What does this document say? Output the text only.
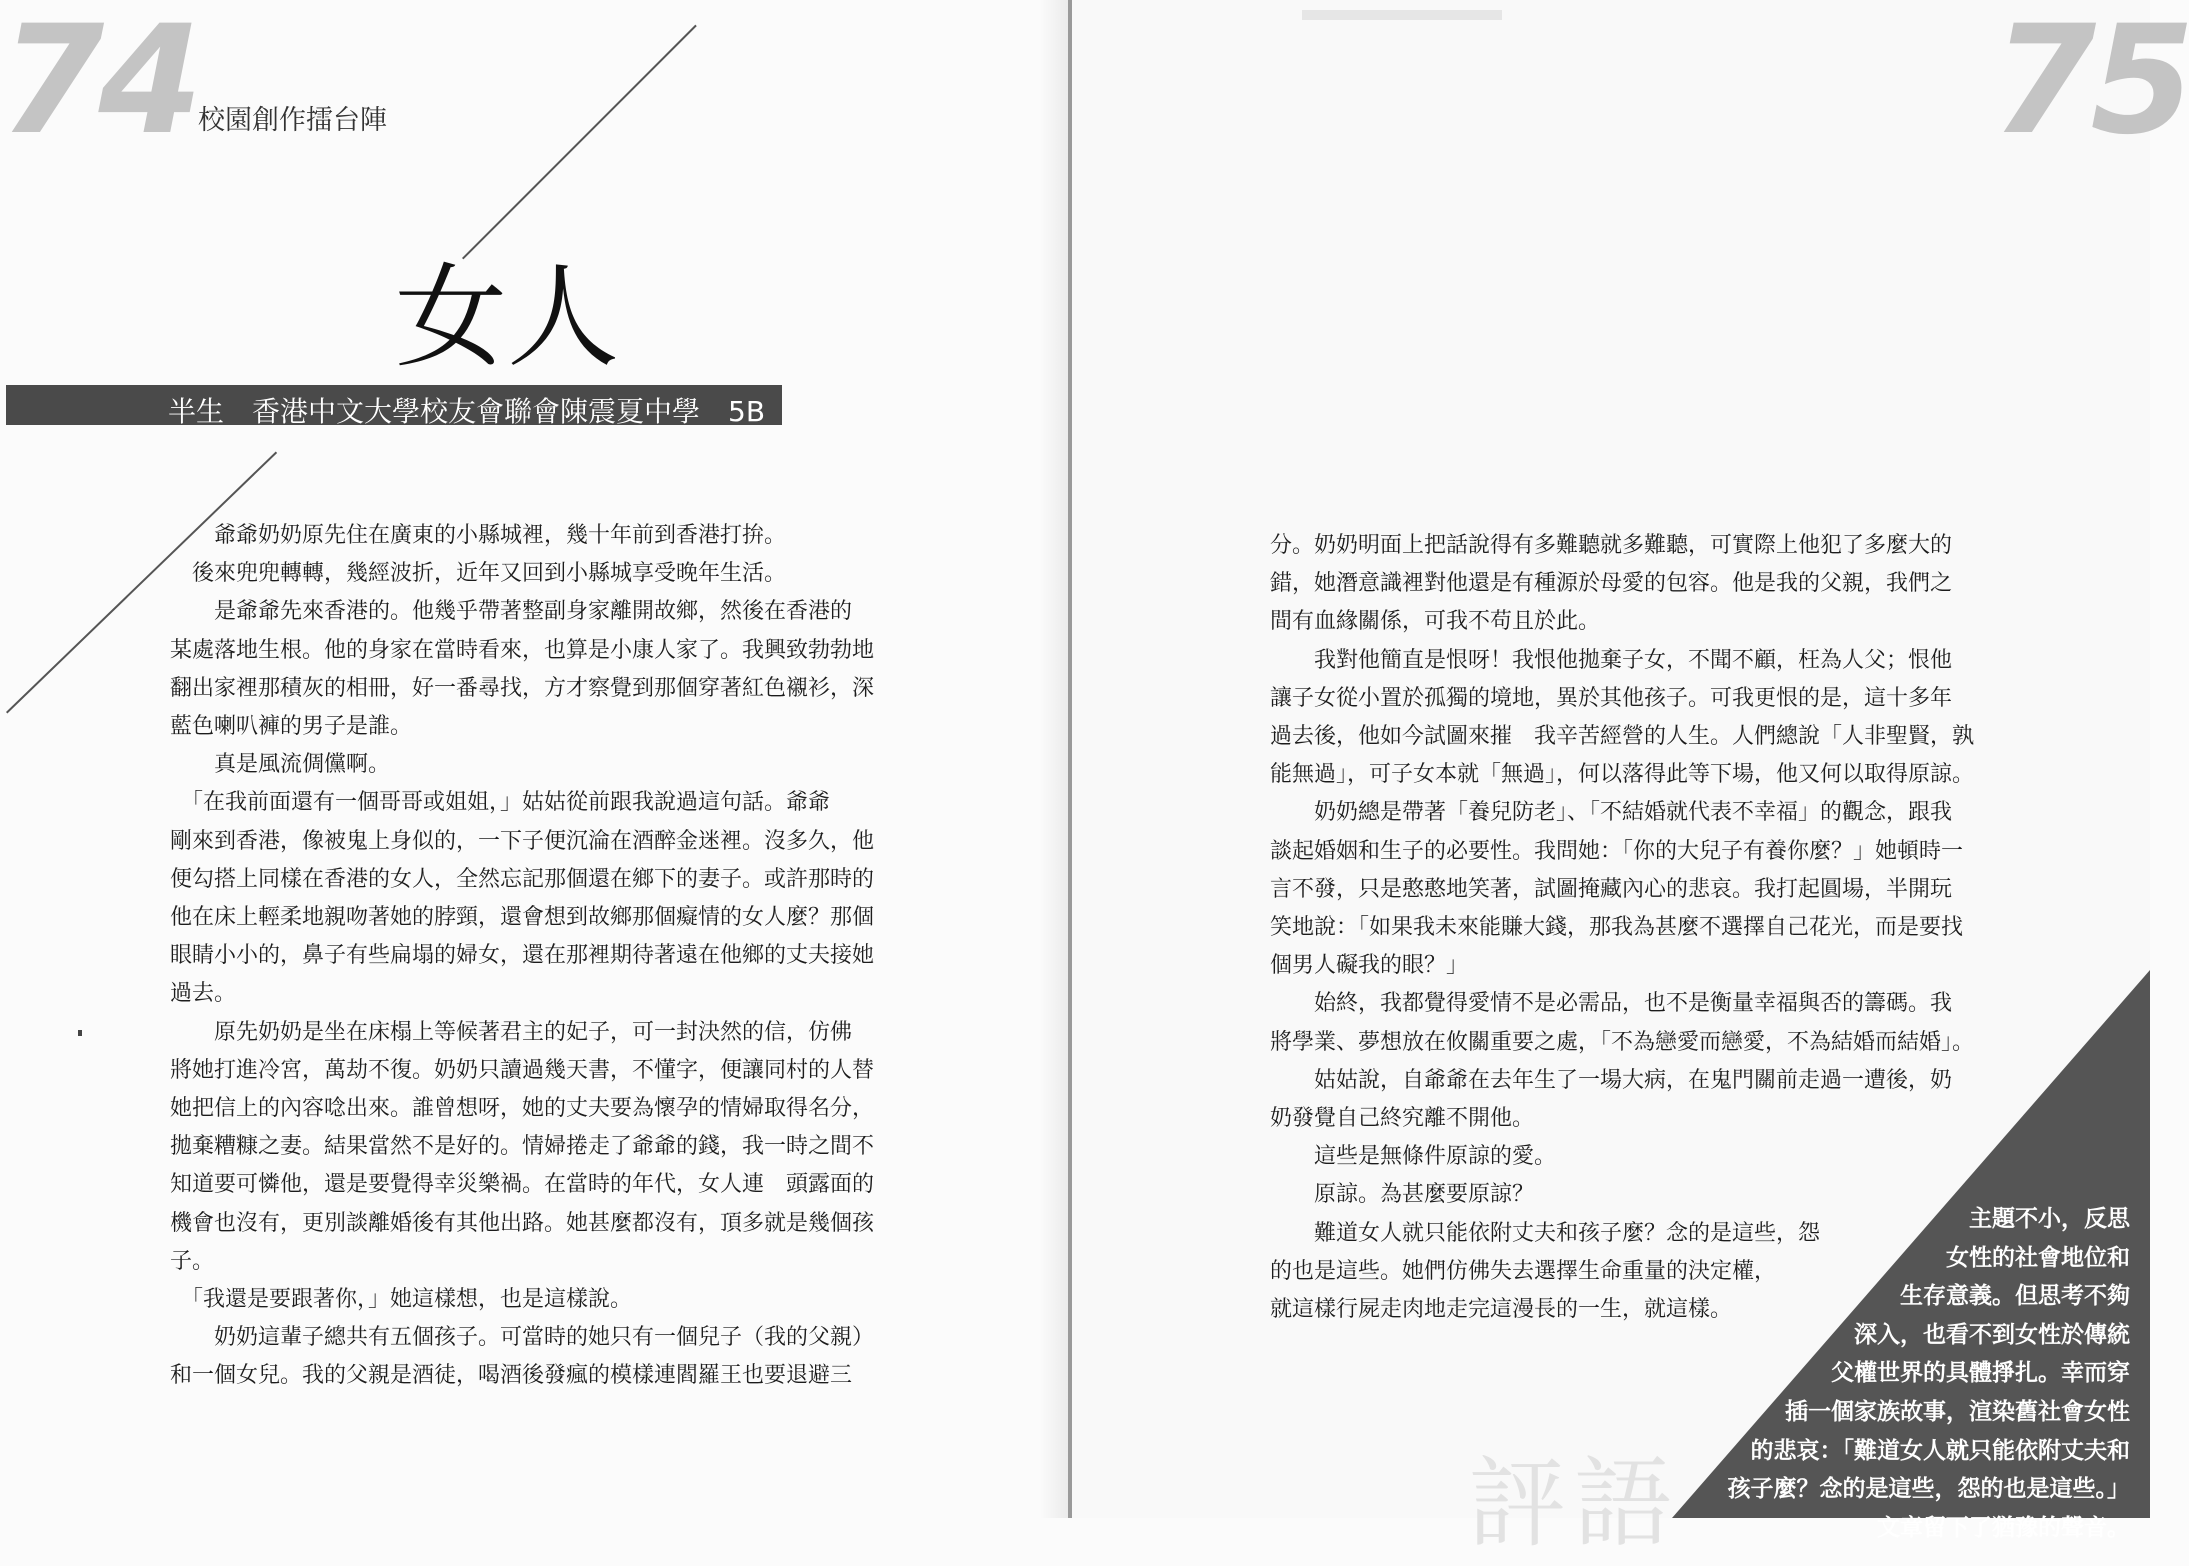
74 校園創作擂台陣
女人
半生　香港中文大學校友會聯會陳震夏中學　5B

　　爺爺奶奶原先住在廣東的小縣城裡，幾十年前到香港打拚。

　後來兜兜轉轉，幾經波折，近年又回到小縣城享受晚年生活。

　　是爺爺先來香港的。他幾乎帶著整副身家離開故鄉，然後在香港的

某處落地生根。他的身家在當時看來，也算是小康人家了。我興致勃勃地

翻出家裡那積灰的相冊，好一番尋找，方才察覺到那個穿著紅色襯衫，深

藍色喇叭褲的男子是誰。

　　真是風流倜儻啊。

　「在我前面還有一個哥哥或姐姐，」姑姑從前跟我說過這句話。爺爺

剛來到香港，像被鬼上身似的，一下子便沉淪在酒醉金迷裡。沒多久，他

便勾搭上同樣在香港的女人，全然忘記那個還在鄉下的妻子。或許那時的

他在床上輕柔地親吻著她的脖頸，還會想到故鄉那個癡情的女人麼？那個

眼睛小小的，鼻子有些扁塌的婦女，還在那裡期待著遠在他鄉的丈夫接她

過去。

　　原先奶奶是坐在床榻上等候著君主的妃子，可一封決然的信，仿佛

將她打進冷宮，萬劫不復。奶奶只讀過幾天書，不懂字，便讓同村的人替

她把信上的內容唸出來。誰曾想呀，她的丈夫要為懷孕的情婦取得名分，

拋棄糟糠之妻。結果當然不是好的。情婦捲走了爺爺的錢，我一時之間不

知道要可憐他，還是要覺得幸災樂禍。在當時的年代，女人連　頭露面的

機會也沒有，更別談離婚後有其他出路。她甚麼都沒有，頂多就是幾個孩

子。

　「我還是要跟著你，」她這樣想，也是這樣說。

　　奶奶這輩子總共有五個孩子。可當時的她只有一個兒子（我的父親）

和一個女兒。我的父親是酒徒，喝酒後發瘋的模樣連閻羅王也要退避三

75

分。奶奶明面上把話說得有多難聽就多難聽，可實際上他犯了多麼大的

錯，她潛意識裡對他還是有種源於母愛的包容。他是我的父親，我們之

間有血緣關係，可我不苟且於此。

　　我對他簡直是恨呀！我恨他拋棄子女，不聞不顧，枉為人父；恨他

讓子女從小置於孤獨的境地，異於其他孩子。可我更恨的是，這十多年

過去後，他如今試圖來摧　我辛苦經營的人生。人們總說「人非聖賢，孰

能無過」，可子女本就「無過」，何以落得此等下場，他又何以取得原諒。

　　奶奶總是帶著「養兒防老」、「不結婚就代表不幸福」的觀念，跟我

談起婚姻和生子的必要性。我問她：「你的大兒子有養你麼？」她頓時一

言不發，只是憨憨地笑著，試圖掩藏內心的悲哀。我打起圓場，半開玩

笑地說：「如果我未來能賺大錢，那我為甚麼不選擇自己花光，而是要找

個男人礙我的眼？」

　　始終，我都覺得愛情不是必需品，也不是衡量幸福與否的籌碼。我

將學業、夢想放在攸關重要之處，「不為戀愛而戀愛，不為結婚而結婚」。

　　姑姑說，自爺爺在去年生了一場大病，在鬼門關前走過一遭後，奶

奶發覺自己終究離不開他。

　　這些是無條件原諒的愛。

　　原諒。為甚麼要原諒？

　　難道女人就只能依附丈夫和孩子麼？念的是這些，怨

的也是這些。她們仿佛失去選擇生命重量的決定權，

就這樣行屍走肉地走完這漫長的一生，就這樣。

評語

主題不小，反思

女性的社會地位和

生存意義。但思考不夠

深入，也看不到女性於傳統

父權世界的具體掙扎。幸而穿

插一個家族故事，渲染舊社會女性

的悲哀：「難道女人就只能依附丈夫和

孩子麼？念的是這些，怨的也是這些。」

文章留下了猶豫的聲音。
